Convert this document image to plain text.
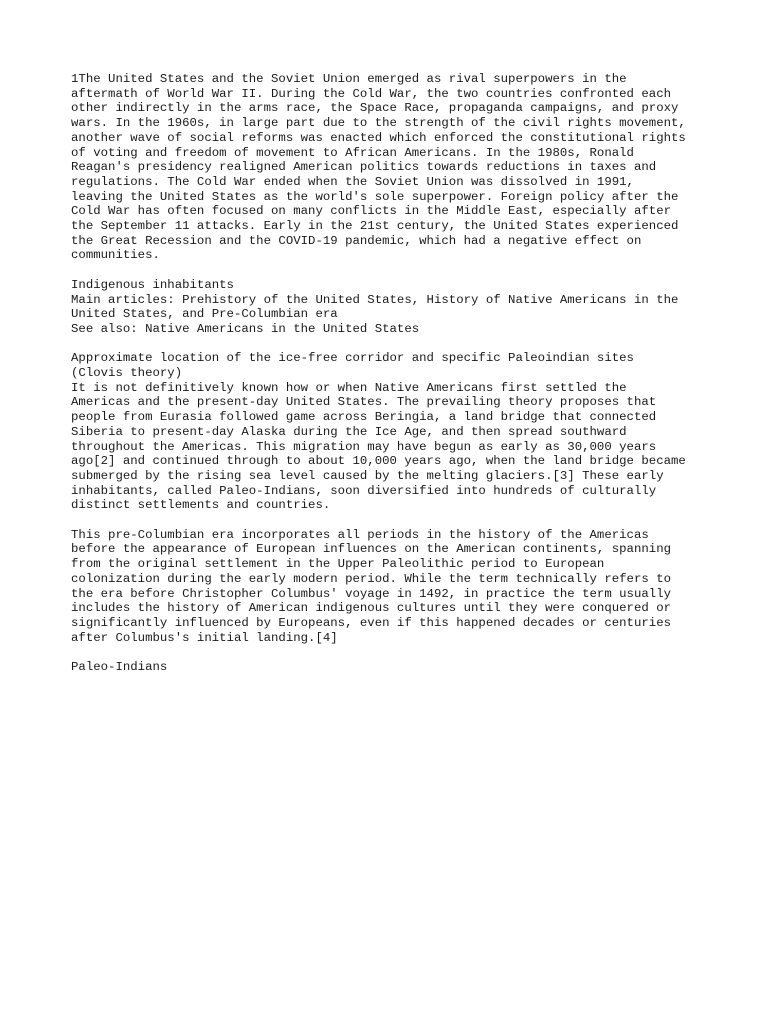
1The United States and the Soviet Union emerged as rival superpowers in the
aftermath of World War II. During the Cold War, the two countries confronted each
other indirectly in the arms race, the Space Race, propaganda campaigns, and proxy
wars. In the 1960s, in large part due to the strength of the civil rights movement,
another wave of social reforms was enacted which enforced the constitutional rights
of voting and freedom of movement to African Americans. In the 1980s, Ronald
Reagan's presidency realigned American politics towards reductions in taxes and
regulations. The Cold War ended when the Soviet Union was dissolved in 1991,
leaving the United States as the world's sole superpower. Foreign policy after the
Cold War has often focused on many conflicts in the Middle East, especially after
the September 11 attacks. Early in the 21st century, the United States experienced
the Great Recession and the COVID-19 pandemic, which had a negative effect on
communities.
Indigenous inhabitants
Main articles: Prehistory of the United States, History of Native Americans in the
United States, and Pre-Columbian era
See also: Native Americans in the United States
Approximate location of the ice-free corridor and specific Paleoindian sites
(Clovis theory)
It is not definitively known how or when Native Americans first settled the
Americas and the present-day United States. The prevailing theory proposes that
people from Eurasia followed game across Beringia, a land bridge that connected
Siberia to present-day Alaska during the Ice Age, and then spread southward
throughout the Americas. This migration may have begun as early as 30,000 years
ago[2] and continued through to about 10,000 years ago, when the land bridge became
submerged by the rising sea level caused by the melting glaciers.[3] These early
inhabitants, called Paleo-Indians, soon diversified into hundreds of culturally
distinct settlements and countries.
This pre-Columbian era incorporates all periods in the history of the Americas
before the appearance of European influences on the American continents, spanning
from the original settlement in the Upper Paleolithic period to European
colonization during the early modern period. While the term technically refers to
the era before Christopher Columbus' voyage in 1492, in practice the term usually
includes the history of American indigenous cultures until they were conquered or
significantly influenced by Europeans, even if this happened decades or centuries
after Columbus's initial landing.[4]
Paleo-Indians
